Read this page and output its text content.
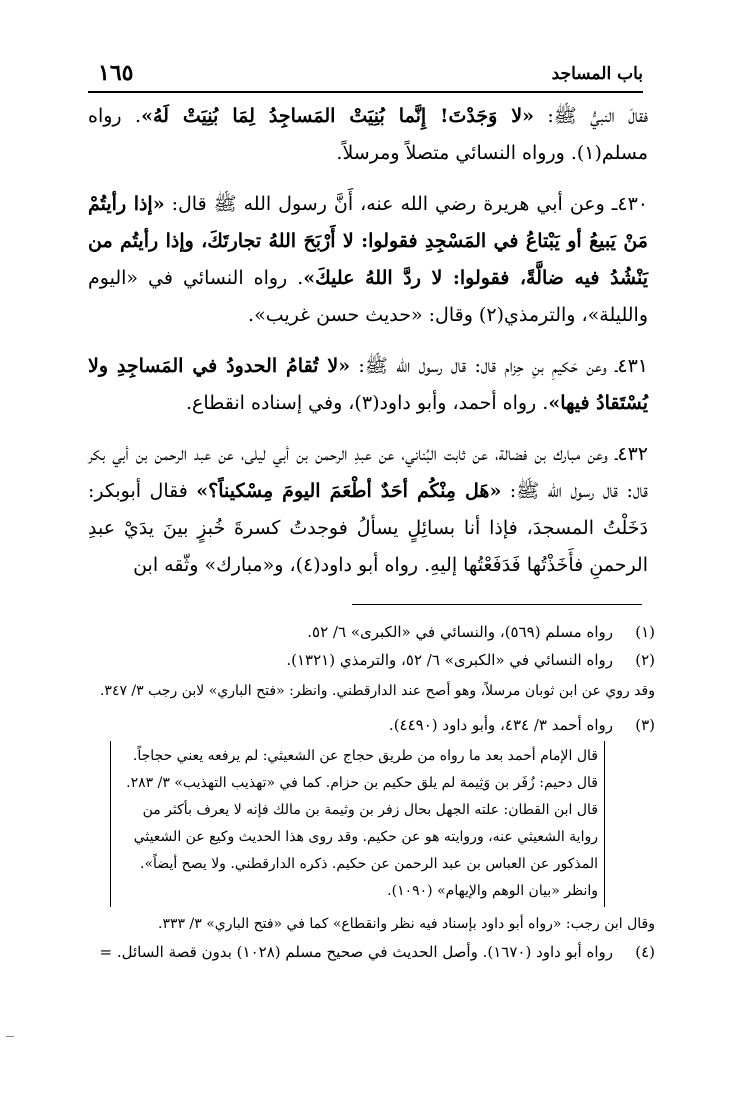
باب المساجد
١٦٥

فقالَ النبيُّ ﷺ: «لا وَجَدْتَ! إِنَّما بُنِيَتْ المَساجِدُ لِمَا بُنِيَتْ لَهُ». رواه مسلم(١). ورواه النسائي متصلاً ومرسلاً.

٤٣٠ـ وعن أبي هريرة رضي الله عنه، أَنَّ رسول الله ﷺ قال: «إذا رأيتُمْ مَنْ يَبيعُ أو يَبْتاعُ في المَسْجِدِ فقولوا: لا أَرْبَحَ اللهُ تجارتَكَ، وإذا رأيتُم من يَنْشُدُ فيه ضالَّةً، فقولوا: لا ردَّ اللهُ عليكَ». رواه النسائي في «اليوم والليلة»، والترمذي(٢) وقال: «حديث حسن غريب».

٤٣١ـ وعن حَكيمِ بنِ حِزام قال: قال رسول الله ﷺ: «لا تُقامُ الحدودُ في المَساجِدِ ولا يُسْتَقادُ فيها». رواه أحمد، وأبو داود(٣)، وفي إسناده انقطاع.

٤٣٢ـ وعن مبارك بن فضالة، عن ثابت البُناني، عن عبدِ الرحمن بن أبي ليلى، عن عبد الرحمن بن أبي بكر قال: قال رسول الله ﷺ: «هَل مِنْكُم أحَدٌ أطْعَمَ اليومَ مِسْكيناً؟» فقال أبوبكر: دَخَلْتُ المسجدَ، فإذا أنا بسائِلٍ يسألُ فوجدتُ كسرةَ خُبزٍ بينَ يدَيْ عبدِ الرحمنِ فأَخَذْتُها فَدَفَعْتُها إليهِ. رواه أبو داود(٤)، و«مبارك» وثّقه ابن

(١)
رواه مسلم (٥٦٩)، والنسائي في «الكبرى» ٦/ ٥٢.
(٢)
رواه النسائي في «الكبرى» ٦/ ٥٢، والترمذي (١٣٢١).

وقد روي عن ابن ثوبان مرسلاً، وهو أصح عند الدارقطني. وانظر: «فتح الباري» لابن رجب ٣/ ٣٤٧.

(٣)
رواه أحمد ٣/ ٤٣٤، وأبو داود (٤٤٩٠).

قال الإمام أحمد بعد ما رواه من طريق حجاج عن الشعيثي: لم يرفعه يعني حجاجاً.

قال دحيم: زُفَر بن وَثِيمة لم يلق حكيم بن حزام. كما في «تهذيب التهذيب» ٣/ ٢٨٣.

قال ابن القطان: علته الجهل بحال زفر بن وثيمة بن مالك فإنه لا يعرف بأكثر من رواية الشعيثي عنه، وروايته هو عن حكيم. وقد روى هذا الحديث وكيع عن الشعيثي المذكور عن العباس بن عبد الرحمن عن حكيم. ذكره الدارقطني. ولا يصح أيضاً». وانظر «بيان الوهم والإيهام» (١٠٩٠).

وقال ابن رجب: «رواه أبو داود بإسناد فيه نظر وانقطاع» كما في «فتح الباري» ٣/ ٣٣٣.

(٤)
رواه أبو داود (١٦٧٠). وأصل الحديث في صحيح مسلم (١٠٢٨) بدون قصة السائل. =
